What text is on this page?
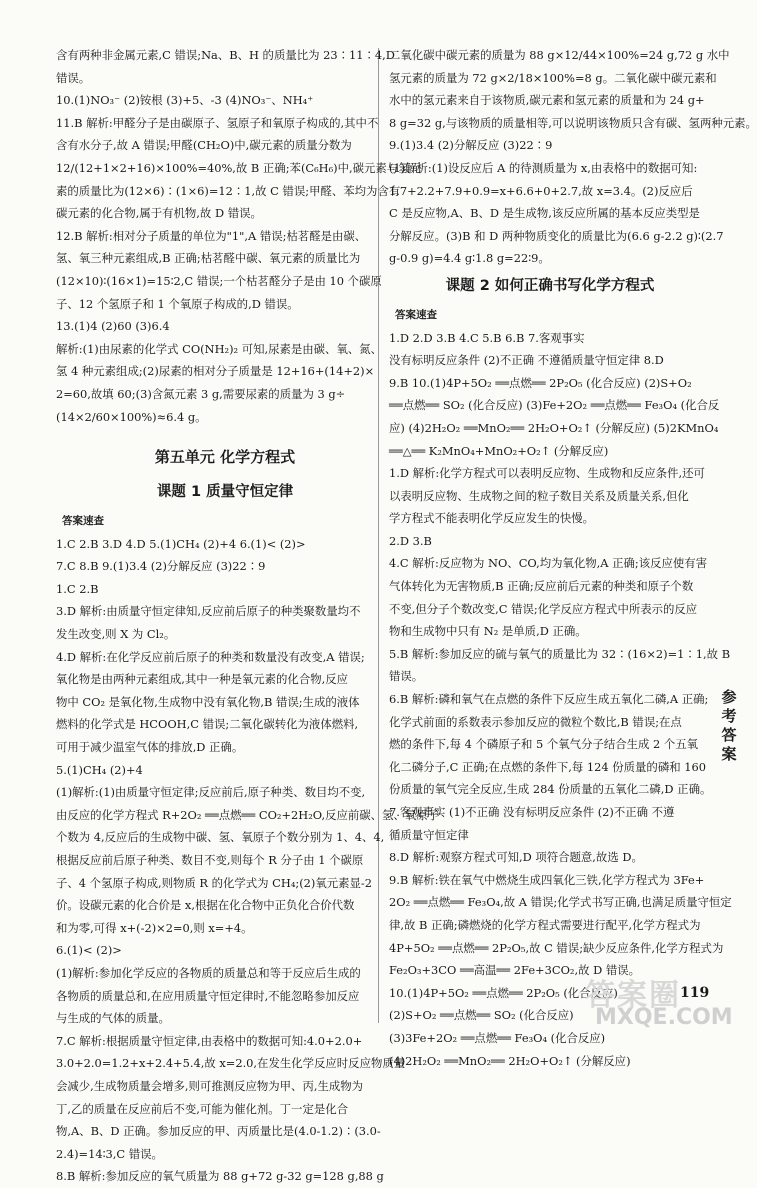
含有两种非金属元素,C 错误;Na、B、H 的质量比为 23∶11∶4,D
错误。
10.(1)NO₃⁻ (2)铵根 (3)+5、-3 (4)NO₃⁻、NH₄⁺
11.B 解析:甲醛分子是由碳原子、氢原子和氧原子构成的,其中不
含有水分子,故 A 错误;甲醛(CH₂O)中,碳元素的质量分数为
12/(12+1×2+16)×100%=40%,故 B 正确;苯(C₆H₆)中,碳元素与氢元
素的质量比为(12×6)∶(1×6)=12∶1,故 C 错误;甲醛、苯均为含有
碳元素的化合物,属于有机物,故 D 错误。
12.B 解析:相对分子质量的单位为"1",A 错误;枯茗醛是由碳、
氢、氧三种元素组成,B 正确;枯茗醛中碳、氧元素的质量比为
(12×10)∶(16×1)=15∶2,C 错误;一个枯茗醛分子是由 10 个碳原
子、12 个氢原子和 1 个氧原子构成的,D 错误。
13.(1)4 (2)60 (3)6.4
解析:(1)由尿素的化学式 CO(NH₂)₂ 可知,尿素是由碳、氧、氮、
氢 4 种元素组成;(2)尿素的相对分子质量是 12+16+(14+2)×
2=60,故填 60;(3)含氮元素 3 g,需要尿素的质量为 3 g÷
(14×2/60×100%)≈6.4 g。
第五单元 化学方程式
课题 1 质量守恒定律
答案速查
1.C 2.B 3.D 4.D 5.(1)CH₄ (2)+4 6.(1)< (2)>
7.C 8.B 9.(1)3.4 (2)分解反应 (3)22∶9
1.C 2.B
3.D 解析:由质量守恒定律知,反应前后原子的种类聚数量均不
发生改变,则 X 为 Cl₂。
4.D 解析:在化学反应前后原子的种类和数量没有改变,A 错误;
氧化物是由两种元素组成,其中一种是氧元素的化合物,反应
物中 CO₂ 是氧化物,生成物中没有氧化物,B 错误;生成的液体
燃料的化学式是 HCOOH,C 错误;二氧化碳转化为液体燃料,
可用于减少温室气体的排放,D 正确。
5.(1)CH₄ (2)+4
(1)解析:(1)由质量守恒定律;反应前后,原子种类、数目均不变,
由反应的化学方程式 R+2O₂ ══点燃══ CO₂+2H₂O,反应前碳、氢、氧原子
个数为 4,反应后的生成物中碳、氢、氧原子个数分别为 1、4、4,
根据反应前后原子种类、数目不变,则每个 R 分子由 1 个碳原
子、4 个氢原子构成,则物质 R 的化学式为 CH₄;(2)氧元素显-2
价。设碳元素的化合价是 x,根据在化合物中正负化合价代数
和为零,可得 x+(-2)×2=0,则 x=+4。
6.(1)< (2)>
(1)解析:参加化学反应的各物质的质量总和等于反应后生成的
各物质的质量总和,在应用质量守恒定律时,不能忽略参加反应
与生成的气体的质量。
7.C 解析:根据质量守恒定律,由表格中的数据可知:4.0+2.0+
3.0+2.0=1.2+x+2.4+5.4,故 x=2.0,在发生化学反应时反应物质量
会减少,生成物质量会增多,则可推测反应物为甲、丙,生成物为
丁,乙的质量在反应前后不变,可能为催化剂。丁一定是化合
物,A、B、D 正确。参加反应的甲、丙质量比是(4.0-1.2)∶(3.0-
2.4)=14∶3,C 错误。
8.B 解析:参加反应的氧气质量为 88 g+72 g-32 g=128 g,88 g
二氧化碳中碳元素的质量为 88 g×12/44×100%=24 g,72 g 水中
氢元素的质量为 72 g×2/18×100%=8 g。二氧化碳中碳元素和
水中的氢元素来自于该物质,碳元素和氢元素的质量和为 24 g+
8 g=32 g,与该物质的质量相等,可以说明该物质只含有碳、氢两种元素。
9.(1)3.4 (2)分解反应 (3)22∶9
(1)解析:(1)设反应后 A 的待测质量为 x,由表格中的数据可知:
1.7+2.2+7.9+0.9=x+6.6+0+2.7,故 x=3.4。(2)反应后
C 是反应物,A、B、D 是生成物,该反应所属的基本反应类型是
分解反应。(3)B 和 D 两种物质变化的质量比为(6.6 g-2.2 g)∶(2.7
g-0.9 g)=4.4 g∶1.8 g=22∶9。
课题 2 如何正确书写化学方程式
答案速查
1.D 2.D 3.B 4.C 5.B 6.B 7.客观事实
没有标明反应条件 (2)不正确 不遵循质量守恒定律 8.D
9.B 10.(1)4P+5O₂ ══点燃══ 2P₂O₅ (化合反应) (2)S+O₂
══点燃══ SO₂ (化合反应) (3)Fe+2O₂ ══点燃══ Fe₃O₄ (化合反
应) (4)2H₂O₂ ══MnO₂══ 2H₂O+O₂↑ (分解反应) (5)2KMnO₄
══△══ K₂MnO₄+MnO₂+O₂↑ (分解反应)
1.D 解析:化学方程式可以表明反应物、生成物和反应条件,还可
以表明反应物、生成物之间的粒子数目关系及质量关系,但化
学方程式不能表明化学反应发生的快慢。
2.D 3.B
4.C 解析:反应物为 NO、CO,均为氧化物,A 正确;该反应使有害
气体转化为无害物质,B 正确;反应前后元素的种类和原子个数
不变,但分子个数改变,C 错误;化学反应方程式中所表示的反应
物和生成物中只有 N₂ 是单质,D 正确。
5.B 解析:参加反应的硫与氧气的质量比为 32∶(16×2)=1∶1,故 B
错误。
6.B 解析:磷和氧气在点燃的条件下反应生成五氧化二磷,A 正确;
化学式前面的系数表示参加反应的微粒个数比,B 错误;在点
燃的条件下,每 4 个磷原子和 5 个氧气分子结合生成 2 个五氧
化二磷分子,C 正确;在点燃的条件下,每 124 份质量的磷和 160
份质量的氧气完全反应,生成 284 份质量的五氧化二磷,D 正确。
7.客观事实 (1)不正确 没有标明反应条件 (2)不正确 不遵
循质量守恒定律
8.D 解析:观察方程式可知,D 项符合题意,故选 D。
9.B 解析:铁在氧气中燃烧生成四氧化三铁,化学方程式为 3Fe+
2O₂ ══点燃══ Fe₃O₄,故 A 错误;化学式书写正确,也满足质量守恒定
律,故 B 正确;磷燃烧的化学方程式需要进行配平,化学方程式为
4P+5O₂ ══点燃══ 2P₂O₅,故 C 错误;缺少反应条件,化学方程式为
Fe₂O₃+3CO ══高温══ 2Fe+3CO₂,故 D 错误。
10.(1)4P+5O₂ ══点燃══ 2P₂O₅ (化合反应)
(2)S+O₂ ══点燃══ SO₂ (化合反应)
(3)3Fe+2O₂ ══点燃══ Fe₃O₄ (化合反应)
(4)2H₂O₂ ══MnO₂══ 2H₂O+O₂↑ (分解反应)
参考答案
答案圈
MXQE.COM
119
